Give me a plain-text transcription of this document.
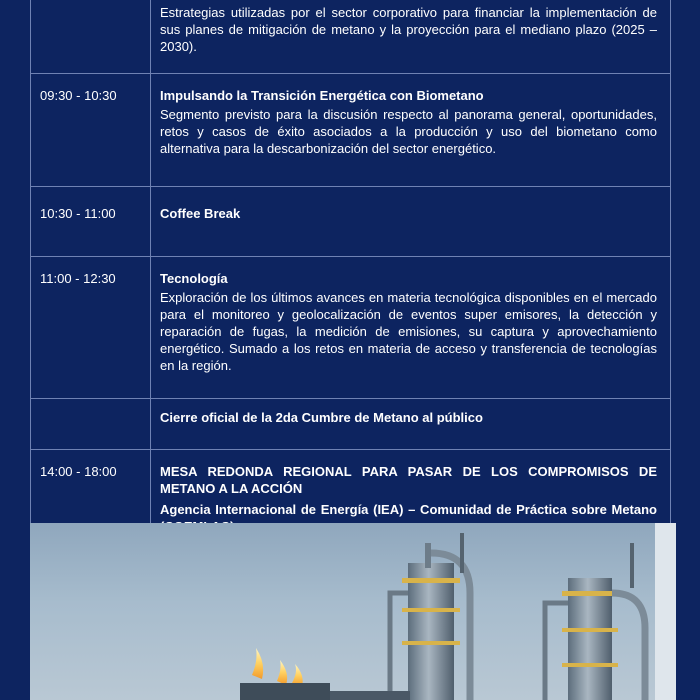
	Estrategias utilizadas por el sector corporativo para financiar la implementación de sus planes de mitigación de metano y la proyección para el mediano plazo (2025 – 2030).

09:30 - 10:30	Impulsando la Transición Energética con Biometano
Segmento previsto para la discusión respecto al panorama general, oportunidades, retos y casos de éxito asociados a la producción y uso del biometano como alternativa para la descarbonización del sector energético.

10:30 - 11:00	Coffee Break

11:00 - 12:30	Tecnología
Exploración de los últimos avances en materia tecnológica disponibles en el mercado para el monitoreo y geolocalización de eventos super emisores, la detección y reparación de fugas, la medición de emisiones, su captura y aprovechamiento energético. Sumado a los retos en materia de acceso y transferencia de tecnologías en la región.

	Cierre oficial de la 2da Cumbre de Metano al público

14:00 - 18:00	MESA REDONDA REGIONAL PARA PASAR DE LOS COMPROMISOS DE METANO A LA ACCIÓN
Agencia Internacional de Energía (IEA) – Comunidad de Práctica sobre Metano
